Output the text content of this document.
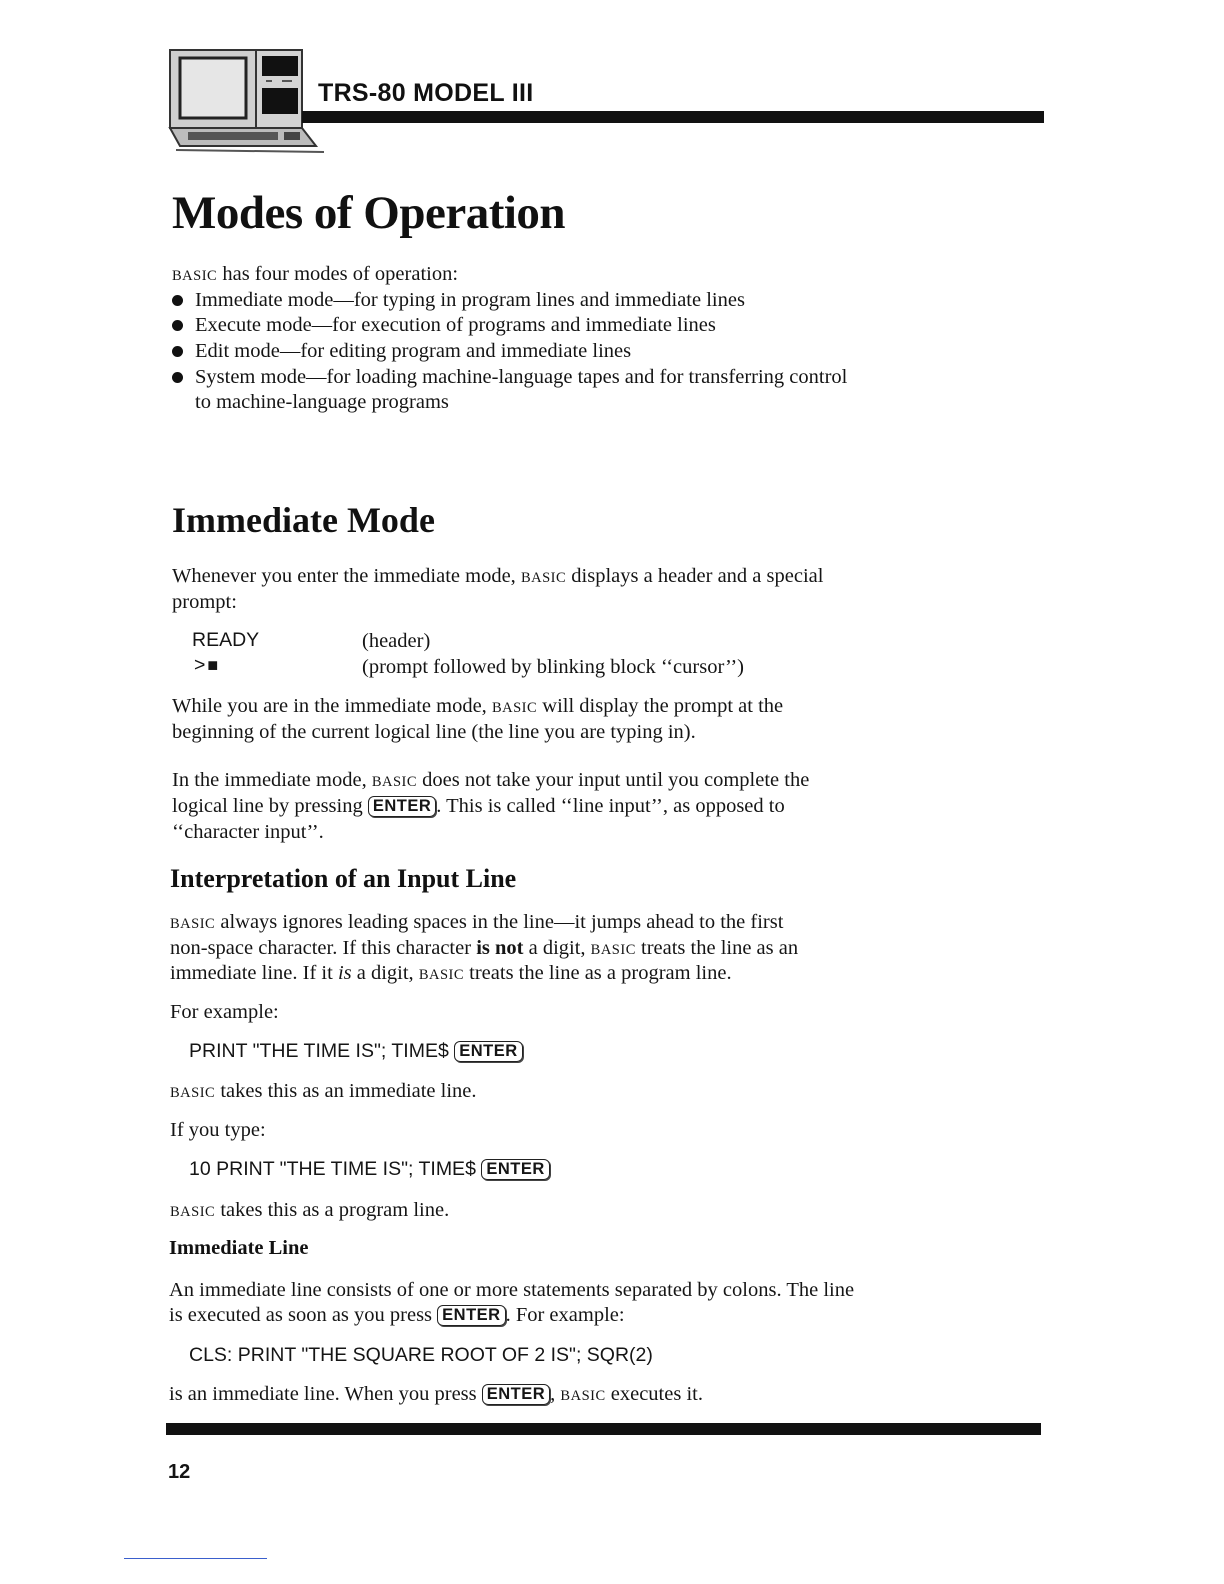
TRS-80 MODEL III
Modes of Operation
BASIC has four modes of operation:
Immediate mode—for typing in program lines and immediate lines
Execute mode—for execution of programs and immediate lines
Edit mode—for editing program and immediate lines
System mode—for loading machine-language tapes and for transferring control
to machine-language programs
Immediate Mode
Whenever you enter the immediate mode, BASIC displays a header and a special
prompt:
READY	(header)
> ■	(prompt followed by blinking block ‘‘cursor’’)
While you are in the immediate mode, BASIC will display the prompt at the
beginning of the current logical line (the line you are typing in).
In the immediate mode, BASIC does not take your input until you complete the
logical line by pressing ENTER . This is called ‘‘line input’’, as opposed to
‘‘character input’’.
Interpretation of an Input Line
BASIC always ignores leading spaces in the line—it jumps ahead to the first
non-space character. If this character is not a digit, BASIC treats the line as an
immediate line. If it is a digit, BASIC treats the line as a program line.
For example:
PRINT "THE TIME IS"; TIME$ ENTER
BASIC takes this as an immediate line.
If you type:
10 PRINT "THE TIME IS"; TIME$ ENTER
BASIC takes this as a program line.
Immediate Line
An immediate line consists of one or more statements separated by colons. The line
is executed as soon as you press ENTER . For example:
CLS: PRINT "THE SQUARE ROOT OF 2 IS"; SQR(2)
is an immediate line. When you press ENTER , BASIC executes it.
12
